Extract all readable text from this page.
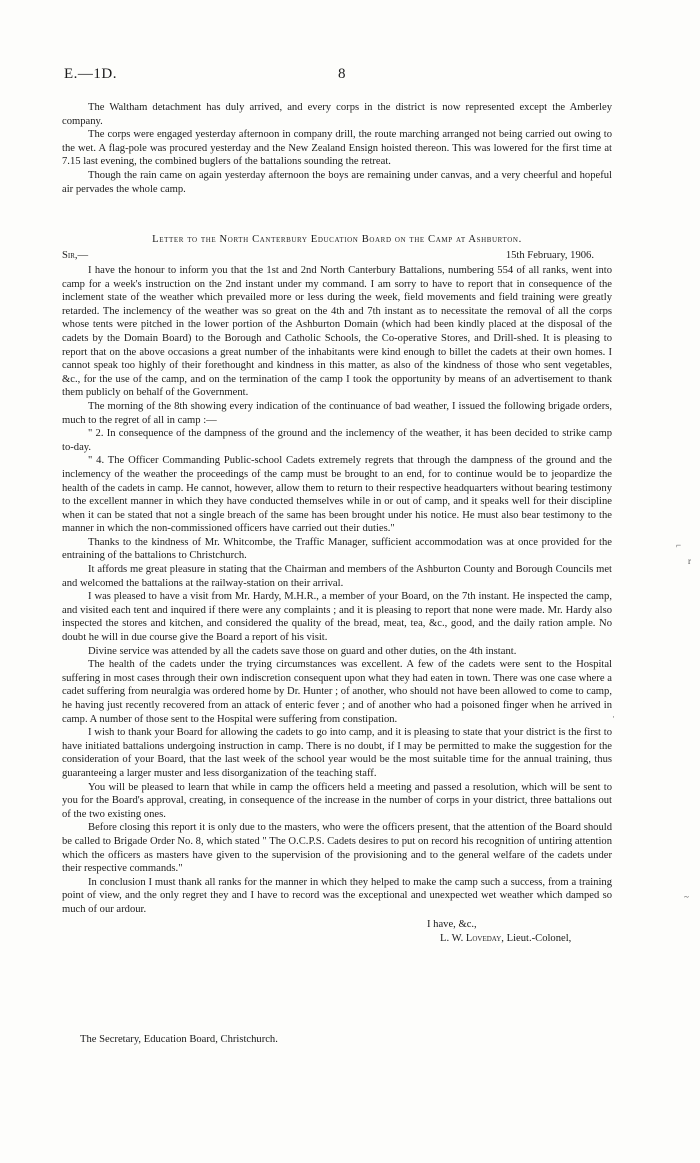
E.—1D.	8

The Waltham detachment has duly arrived, and every corps in the district is now represented except the Amberley company.

The corps were engaged yesterday afternoon in company drill, the route marching arranged not being carried out owing to the wet. A flag-pole was procured yesterday and the New Zealand Ensign hoisted thereon. This was lowered for the first time at 7.15 last evening, the combined buglers of the battalions sounding the retreat.

Though the rain came on again yesterday afternoon the boys are remaining under canvas, and a very cheerful and hopeful air pervades the whole camp.

Letter to the North Canterbury Education Board on the Camp at Ashburton.
Sir,—	15th February, 1906.

I have the honour to inform you that the 1st and 2nd North Canterbury Battalions, numbering 554 of all ranks, went into camp for a week's instruction on the 2nd instant under my command. I am sorry to have to report that in consequence of the inclement state of the weather which prevailed more or less during the week, field movements and field training were greatly retarded. The inclemency of the weather was so great on the 4th and 7th instant as to necessitate the removal of all the corps whose tents were pitched in the lower portion of the Ashburton Domain (which had been kindly placed at the disposal of the cadets by the Domain Board) to the Borough and Catholic Schools, the Co-operative Stores, and Drill-shed. It is pleasing to report that on the above occasions a great number of the inhabitants were kind enough to billet the cadets at their own homes. I cannot speak too highly of their forethought and kindness in this matter, as also of the kindness of those who sent vegetables, &c., for the use of the camp, and on the termination of the camp I took the opportunity by means of an advertisement to thank them publicly on behalf of the Government.

The morning of the 8th showing every indication of the continuance of bad weather, I issued the following brigade orders, much to the regret of all in camp :—

" 2. In consequence of the dampness of the ground and the inclemency of the weather, it has been decided to strike camp to-day.

" 4. The Officer Commanding Public-school Cadets extremely regrets that through the dampness of the ground and the inclemency of the weather the proceedings of the camp must be brought to an end, for to continue would be to jeopardize the health of the cadets in camp. He cannot, however, allow them to return to their respective headquarters without bearing testimony to the excellent manner in which they have conducted themselves while in or out of camp, and it speaks well for their discipline when it can be stated that not a single breach of the same has been brought under his notice. He must also bear testimony to the manner in which the non-commissioned officers have carried out their duties."

Thanks to the kindness of Mr. Whitcombe, the Traffic Manager, sufficient accommodation was at once provided for the entraining of the battalions to Christchurch.

It affords me great pleasure in stating that the Chairman and members of the Ashburton County and Borough Councils met and welcomed the battalions at the railway-station on their arrival.

I was pleased to have a visit from Mr. Hardy, M.H.R., a member of your Board, on the 7th instant. He inspected the camp, and visited each tent and inquired if there were any complaints ; and it is pleasing to report that none were made. Mr. Hardy also inspected the stores and kitchen, and considered the quality of the bread, meat, tea, &c., good, and the daily ration ample. No doubt he will in due course give the Board a report of his visit.

Divine service was attended by all the cadets save those on guard and other duties, on the 4th instant.

The health of the cadets under the trying circumstances was excellent. A few of the cadets were sent to the Hospital suffering in most cases through their own indiscretion consequent upon what they had eaten in town. There was one case where a cadet suffering from neuralgia was ordered home by Dr. Hunter ; of another, who should not have been allowed to come to camp, he having just recently recovered from an attack of enteric fever ; and of another who had a poisoned finger when he arrived in camp. A number of those sent to the Hospital were suffering from constipation.

I wish to thank your Board for allowing the cadets to go into camp, and it is pleasing to state that your district is the first to have initiated battalions undergoing instruction in camp. There is no doubt, if I may be permitted to make the suggestion for the consideration of your Board, that the last week of the school year would be the most suitable time for the annual training, thus guaranteeing a larger muster and less disorganization of the teaching staff.

You will be pleased to learn that while in camp the officers held a meeting and passed a resolution, which will be sent to you for the Board's approval, creating, in consequence of the increase in the number of corps in your district, three battalions out of the two existing ones.

Before closing this report it is only due to the masters, who were the officers present, that the attention of the Board should be called to Brigade Order No. 8, which stated " The O.C.P.S. Cadets desires to put on record his recognition of untiring attention which the officers as masters have given to the supervision of the provisioning and to the general welfare of the cadets under their respective commands."

In conclusion I must thank all ranks for the manner in which they helped to make the camp such a success, from a training point of view, and the only regret they and I have to record was the exceptional and unexpected wet weather which damped so much of our ardour.

I have, &c.,
L. W. Loveday, Lieut.-Colonel,
The Secretary, Education Board, Christchurch.
⌐
r
~
·
